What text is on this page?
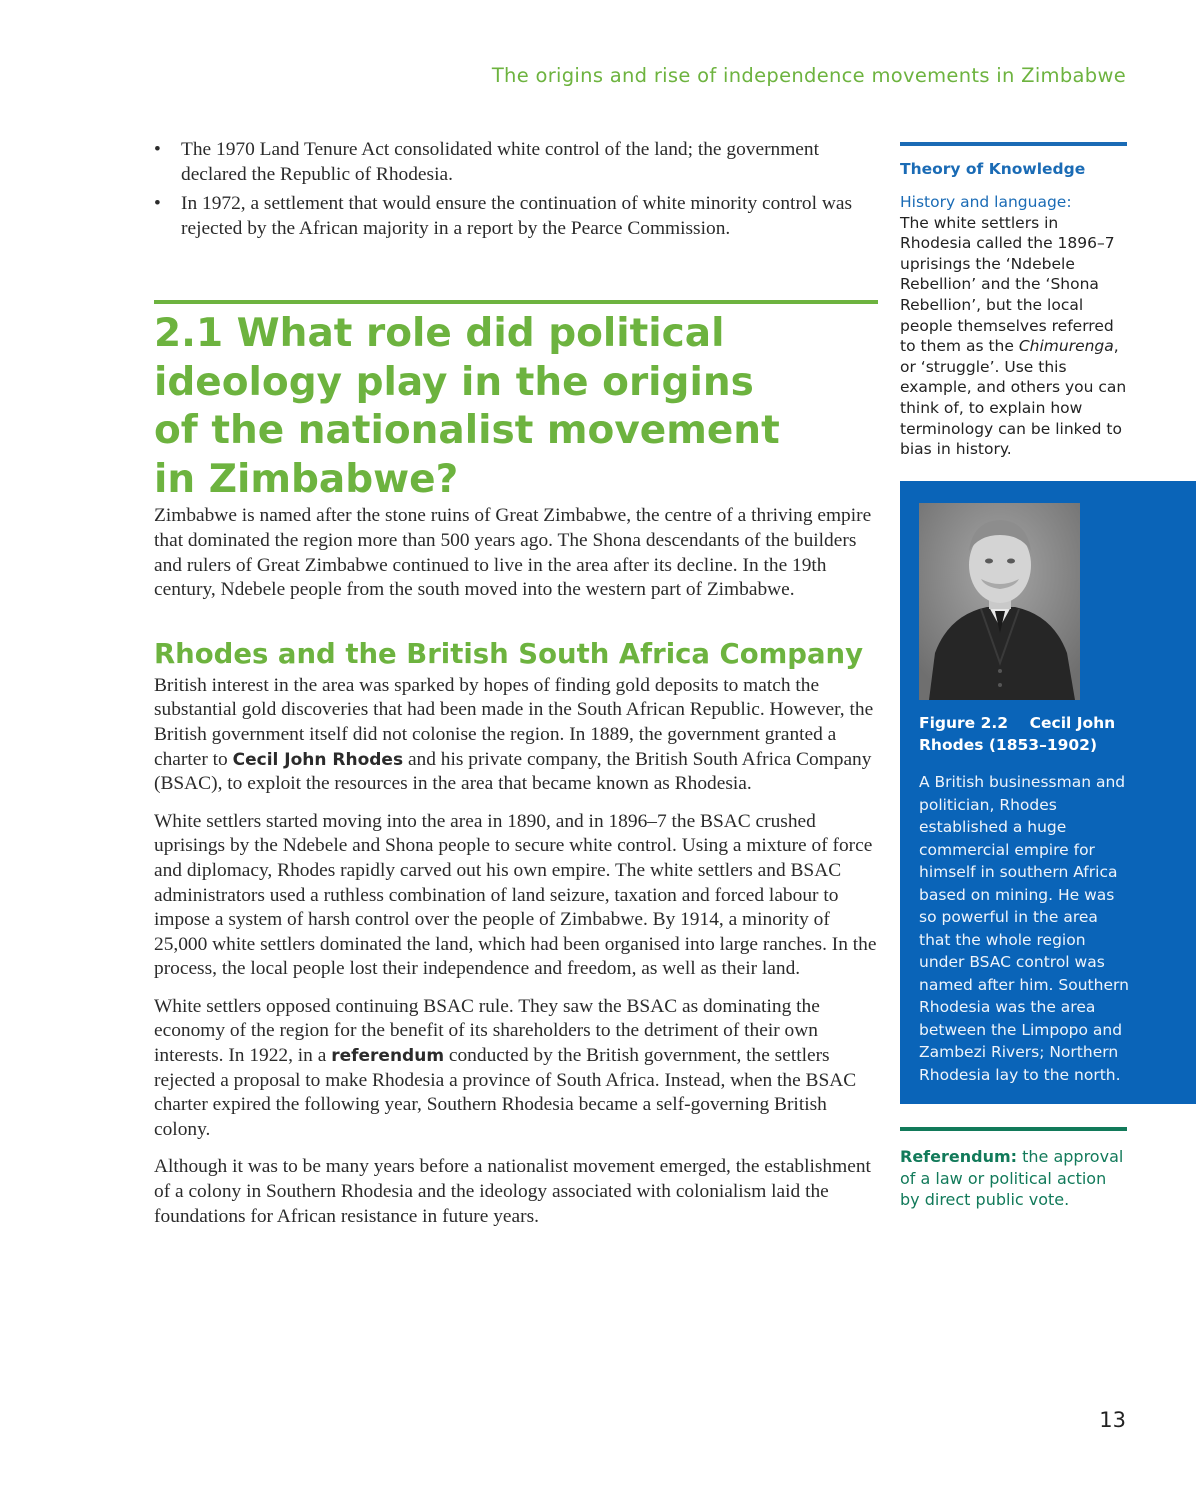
The origins and rise of independence movements in Zimbabwe
• The 1970 Land Tenure Act consolidated white control of the land; the government declared the Republic of Rhodesia.
• In 1972, a settlement that would ensure the continuation of white minority control was rejected by the African majority in a report by the Pearce Commission.
2.1 What role did political ideology play in the origins of the nationalist movement in Zimbabwe?

Zimbabwe is named after the stone ruins of Great Zimbabwe, the centre of a thriving empire that dominated the region more than 500 years ago. The Shona descendants of the builders and rulers of Great Zimbabwe continued to live in the area after its decline. In the 19th century, Ndebele people from the south moved into the western part of Zimbabwe.

Rhodes and the British South Africa Company

British interest in the area was sparked by hopes of finding gold deposits to match the substantial gold discoveries that had been made in the South African Republic. However, the British government itself did not colonise the region. In 1889, the government granted a charter to Cecil John Rhodes and his private company, the British South Africa Company (BSAC), to exploit the resources in the area that became known as Rhodesia.

White settlers started moving into the area in 1890, and in 1896–7 the BSAC crushed uprisings by the Ndebele and Shona people to secure white control. Using a mixture of force and diplomacy, Rhodes rapidly carved out his own empire. The white settlers and BSAC administrators used a ruthless combination of land seizure, taxation and forced labour to impose a system of harsh control over the people of Zimbabwe. By 1914, a minority of 25,000 white settlers dominated the land, which had been organised into large ranches. In the process, the local people lost their independence and freedom, as well as their land.

White settlers opposed continuing BSAC rule. They saw the BSAC as dominating the economy of the region for the benefit of its shareholders to the detriment of their own interests. In 1922, in a referendum conducted by the British government, the settlers rejected a proposal to make Rhodesia a province of South Africa. Instead, when the BSAC charter expired the following year, Southern Rhodesia became a self-governing British colony.

Although it was to be many years before a nationalist movement emerged, the establishment of a colony in Southern Rhodesia and the ideology associated with colonialism laid the foundations for African resistance in future years.

Theory of Knowledge
History and language:
The white settlers in Rhodesia called the 1896–7 uprisings the ‘Ndebele Rebellion’ and the ‘Shona Rebellion’, but the local people themselves referred to them as the Chimurenga, or ‘struggle’. Use this example, and others you can think of, to explain how terminology can be linked to bias in history.
Figure 2.2    Cecil John Rhodes (1853–1902)
A British businessman and politician, Rhodes established a huge commercial empire for himself in southern Africa based on mining. He was so powerful in the area that the whole region under BSAC control was named after him. Southern Rhodesia was the area between the Limpopo and Zambezi Rivers; Northern Rhodesia lay to the north.
Referendum: the approval of a law or political action by direct public vote.
13
